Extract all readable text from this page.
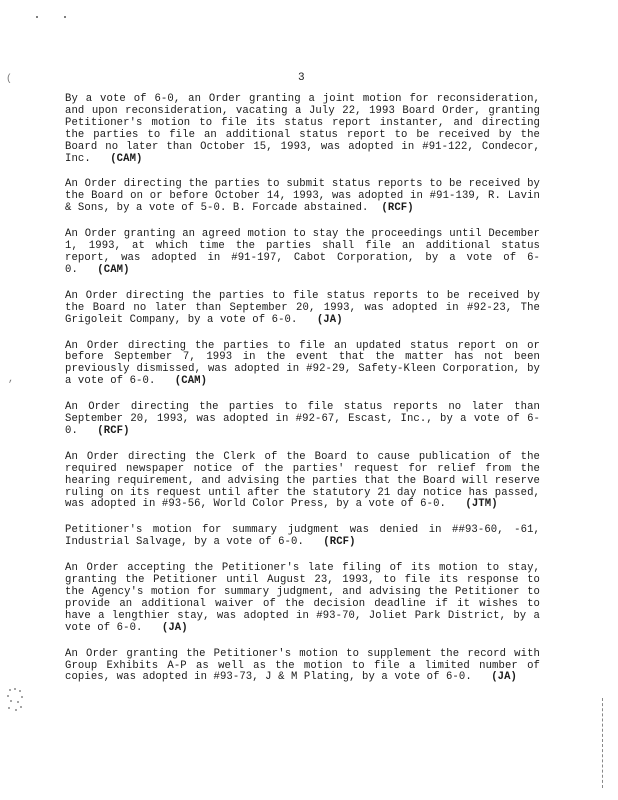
(
,
3

By a vote of 6-0, an Order granting a joint motion for reconsideration, and upon reconsideration, vacating a July 22, 1993 Board Order, granting Petitioner's motion to file its status report instanter, and directing the parties to file an additional status report to be received by the Board no later than October 15, 1993, was adopted in #91-122, Condecor, Inc. (CAM)

An Order directing the parties to submit status reports to be received by the Board on or before October 14, 1993, was adopted in #91-139, R. Lavin & Sons, by a vote of 5-0. B. Forcade abstained. (RCF)

An Order granting an agreed motion to stay the proceedings until December 1, 1993, at which time the parties shall file an additional status report, was adopted in #91-197, Cabot Corporation, by a vote of 6-0. (CAM)

An Order directing the parties to file status reports to be received by the Board no later than September 20, 1993, was adopted in #92-23, The Grigoleit Company, by a vote of 6-0. (JA)

An Order directing the parties to file an updated status report on or before September 7, 1993 in the event that the matter has not been previously dismissed, was adopted in #92-29, Safety-Kleen Corporation, by a vote of 6-0. (CAM)

An Order directing the parties to file status reports no later than September 20, 1993, was adopted in #92-67, Escast, Inc., by a vote of 6-0. (RCF)

An Order directing the Clerk of the Board to cause publication of the required newspaper notice of the parties' request for relief from the hearing requirement, and advising the parties that the Board will reserve ruling on its request until after the statutory 21 day notice has passed, was adopted in #93-56, World Color Press, by a vote of 6-0. (JTM)

Petitioner's motion for summary judgment was denied in ##93-60, -61, Industrial Salvage, by a vote of 6-0. (RCF)

An Order accepting the Petitioner's late filing of its motion to stay, granting the Petitioner until August 23, 1993, to file its response to the Agency's motion for summary judgment, and advising the Petitioner to provide an additional waiver of the decision deadline if it wishes to have a lengthier stay, was adopted in #93-70, Joliet Park District, by a vote of 6-0. (JA)

An Order granting the Petitioner's motion to supplement the record with Group Exhibits A-P as well as the motion to file a limited number of copies, was adopted in #93-73, J & M Plating, by a vote of 6-0. (JA)
